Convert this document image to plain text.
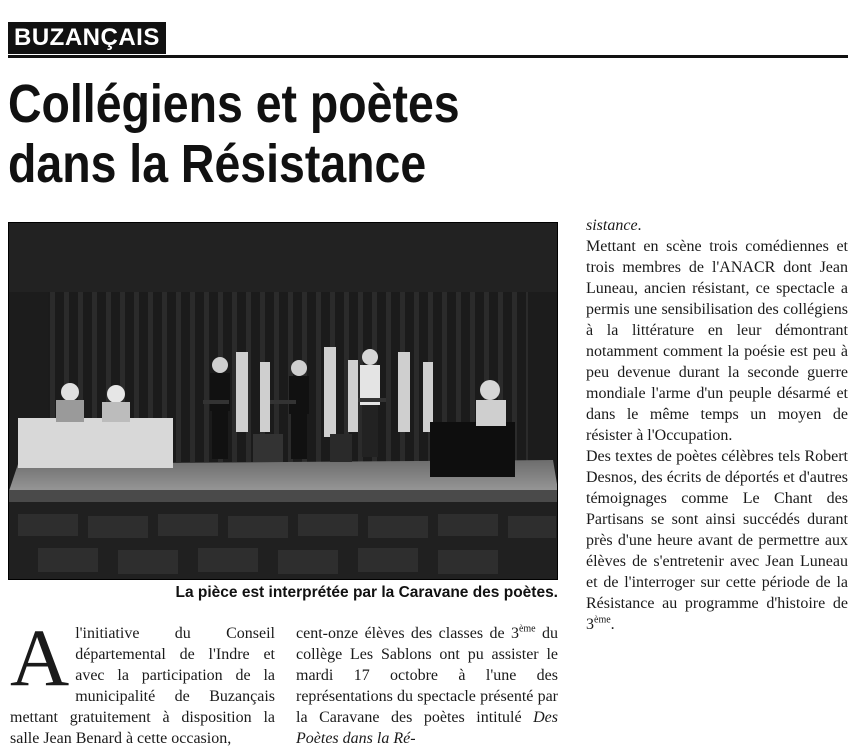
BUZANÇAIS
Collégiens et poètes
dans la Résistance
La pièce est interprétée par la Caravane des poètes.

Al'initiative du Conseil départemental de l'Indre et avec la participation de la municipalité de Buzançais mettant gratuitement à disposition la salle Jean Benard à cette occasion,

cent-onze élèves des classes de 3ème du collège Les Sablons ont pu assister le mardi 17 octobre à l'une des représentations du spectacle présenté par la Caravane des poètes intitulé Des Poètes dans la Ré-

sistance.

Mettant en scène trois comédiennes et trois membres de l'ANACR dont Jean Luneau, ancien résistant, ce spectacle a permis une sensibilisation des collégiens à la littérature en leur démontrant notamment comment la poésie est peu à peu devenue durant la seconde guerre mondiale l'arme d'un peuple désarmé et dans le même temps un moyen de résister à l'Occupation.

Des textes de poètes célèbres tels Robert Desnos, des écrits de déportés et d'autres témoignages comme Le Chant des Partisans se sont ainsi succédés durant près d'une heure avant de permettre aux élèves de s'entretenir avec Jean Luneau et de l'interroger sur cette période de la Résistance au programme d'histoire de 3ème.
